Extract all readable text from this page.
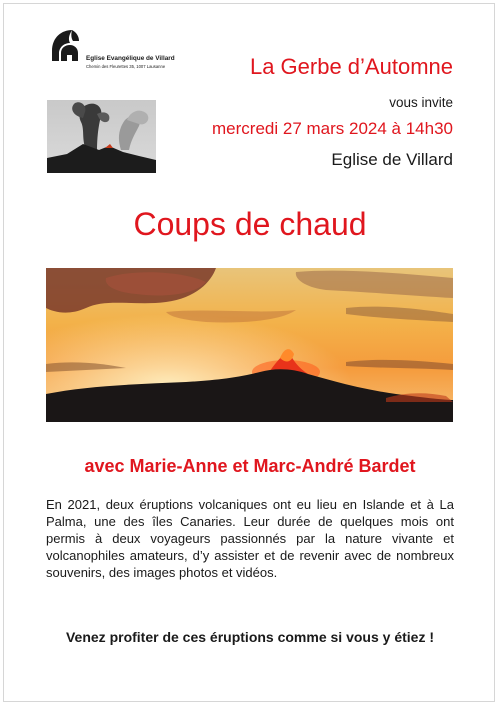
Eglise Evangélique de Villard
Chemin des Fleurettes 35, 1007 Lausanne	La Gerbe d’Automne
vous invite
mercredi 27 mars 2024 à 14h30
Eglise de Villard
Coups de chaud
avec Marie-Anne et Marc-André Bardet
En 2021, deux éruptions volcaniques ont eu lieu en Islande et à La Palma, une des îles Canaries. Leur durée de quelques mois ont permis à deux voyageurs passionnés par la nature vivante et volcanophiles amateurs, d’y assister et de revenir avec de nombreux souvenirs, des images photos et vidéos.
Venez profiter de ces éruptions comme si vous y étiez !
